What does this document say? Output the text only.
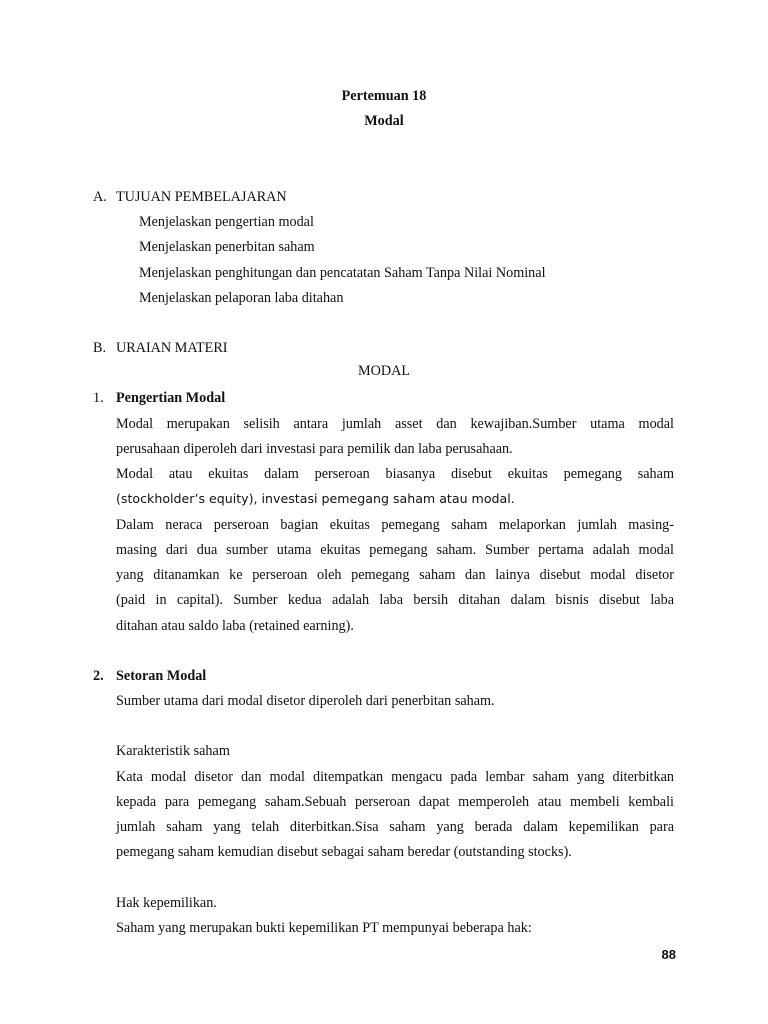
Pertemuan 18
Modal
A. TUJUAN PEMBELAJARAN
Menjelaskan pengertian modal
Menjelaskan penerbitan saham
Menjelaskan penghitungan dan pencatatan Saham Tanpa Nilai Nominal
Menjelaskan pelaporan laba ditahan
B. URAIAN MATERI
MODAL
1. Pengertian Modal
Modal merupakan selisih antara jumlah asset dan kewajiban.Sumber utama modal
perusahaan diperoleh dari investasi para pemilik dan laba perusahaan.
Modal atau ekuitas dalam perseroan biasanya disebut ekuitas pemegang saham
(stockholder’s equity), investasi pemegang saham atau modal.
Dalam neraca perseroan bagian ekuitas pemegang saham melaporkan jumlah masing-
masing dari dua sumber utama ekuitas pemegang saham. Sumber pertama adalah modal
yang ditanamkan ke perseroan oleh pemegang saham dan lainya disebut modal disetor
(paid in capital). Sumber kedua adalah laba bersih ditahan dalam bisnis disebut laba
ditahan atau saldo laba (retained earning).
2. Setoran Modal
Sumber utama dari modal disetor diperoleh dari penerbitan saham.
Karakteristik saham
Kata modal disetor dan modal ditempatkan mengacu pada lembar saham yang diterbitkan
kepada para pemegang saham.Sebuah perseroan dapat memperoleh atau membeli kembali
jumlah saham yang telah diterbitkan.Sisa saham yang berada dalam kepemilikan para
pemegang saham kemudian disebut sebagai saham beredar (outstanding stocks).
Hak kepemilikan.
Saham yang merupakan bukti kepemilikan PT mempunyai beberapa hak:
88
